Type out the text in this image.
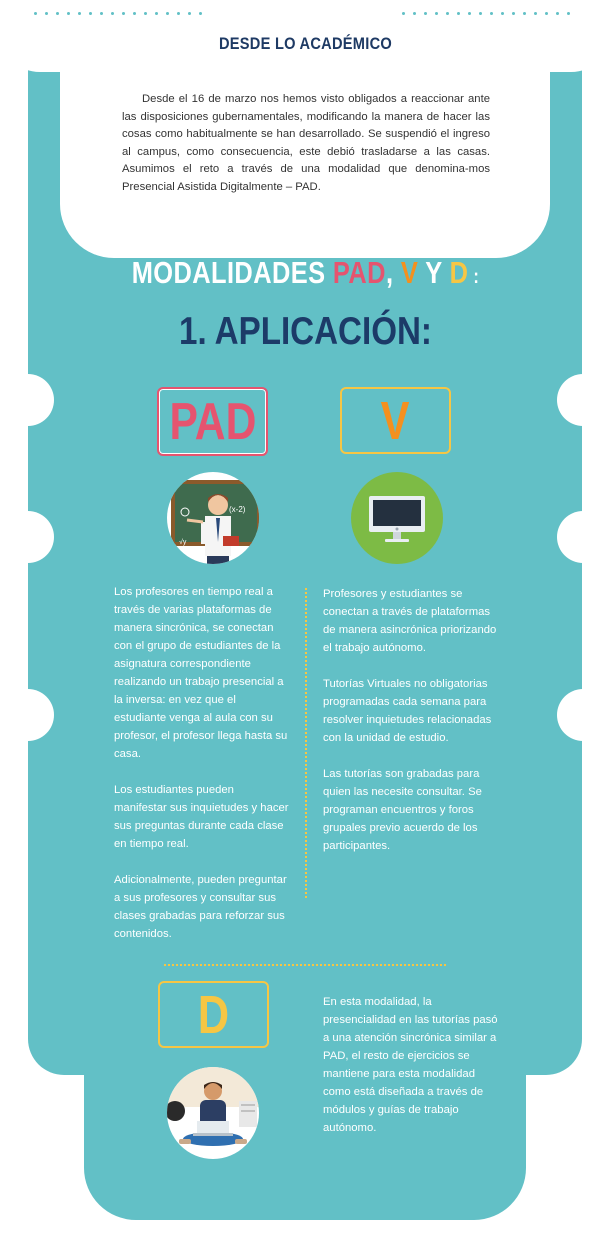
DESDE LO ACADÉMICO

Desde el 16 de marzo nos hemos visto obligados a reaccionar ante las disposiciones gubernamentales, modificando la manera de hacer las cosas como habitualmente se han desarrollado. Se suspendió el ingreso al campus, como consecuencia, este debió trasladarse a las casas. Asumimos el reto a través de una modalidad que denomina-mos Presencial Asistida Digitalmente – PAD.

MODALIDADES PAD, V Y D :
1. APLICACIÓN:
PAD	V
(x-2)
√y

Los profesores en tiempo real a través de varias plataformas de manera sincrónica, se conectan con el grupo de estudiantes de la asignatura correspondiente realizando un trabajo presencial a la inversa: en vez que el estudiante venga al aula con su profesor, el profesor llega hasta su casa.

Los estudiantes pueden manifestar sus inquietudes y hacer sus preguntas durante cada clase en tiempo real.

Adicionalmente, pueden preguntar a sus profesores y consultar sus clases grabadas para reforzar sus contenidos.

Profesores y estudiantes se conectan a través de plataformas de manera asincrónica priorizando el trabajo autónomo.

Tutorías Virtuales no obligatorias programadas cada semana para resolver inquietudes relacionadas con la unidad de estudio.

Las tutorías son grabadas para quien las necesite consultar. Se programan encuentros y foros grupales previo acuerdo de los participantes.

D	En esta modalidad, la presencialidad en las tutorías pasó a una atención sincrónica similar a PAD, el resto de ejercicios se mantiene para esta modalidad como está diseñada a través de módulos y guías de trabajo autónomo.
